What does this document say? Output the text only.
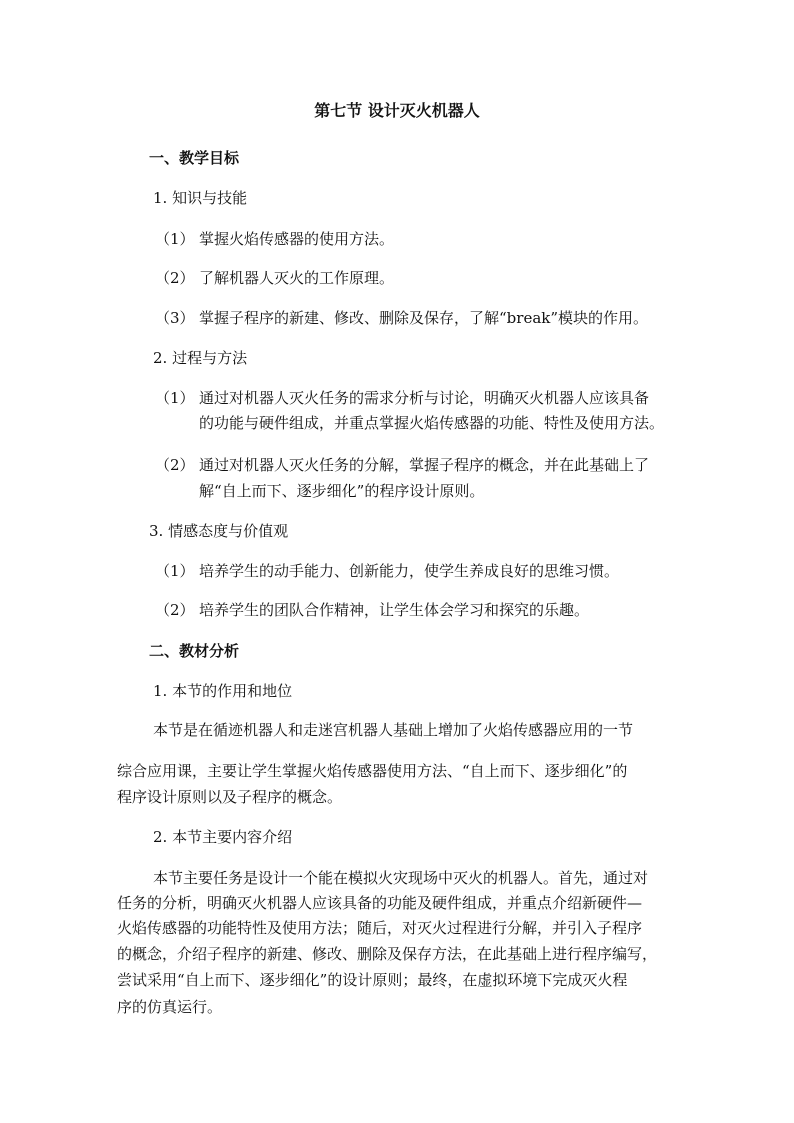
第七节 设计灭火机器人
一、教学目标
1. 知识与技能
（1） 掌握火焰传感器的使用方法。
（2） 了解机器人灭火的工作原理。
（3） 掌握子程序的新建、修改、删除及保存，了解“break”模块的作用。
2. 过程与方法
（1） 通过对机器人灭火任务的需求分析与讨论，明确灭火机器人应该具备
的功能与硬件组成，并重点掌握火焰传感器的功能、特性及使用方法。
（2） 通过对机器人灭火任务的分解，掌握子程序的概念，并在此基础上了
解“自上而下、逐步细化”的程序设计原则。
3. 情感态度与价值观
（1） 培养学生的动手能力、创新能力，使学生养成良好的思维习惯。
（2） 培养学生的团队合作精神，让学生体会学习和探究的乐趣。
二、教材分析
1. 本节的作用和地位
本节是在循迹机器人和走迷宫机器人基础上增加了火焰传感器应用的一节
综合应用课，主要让学生掌握火焰传感器使用方法、“自上而下、逐步细化”的
程序设计原则以及子程序的概念。
2. 本节主要内容介绍
本节主要任务是设计一个能在模拟火灾现场中灭火的机器人。首先，通过对
任务的分析，明确灭火机器人应该具备的功能及硬件组成，并重点介绍新硬件—
火焰传感器的功能特性及使用方法；随后，对灭火过程进行分解，并引入子程序
的概念，介绍子程序的新建、修改、删除及保存方法，在此基础上进行程序编写，
尝试采用“自上而下、逐步细化”的设计原则；最终，在虚拟环境下完成灭火程
序的仿真运行。
